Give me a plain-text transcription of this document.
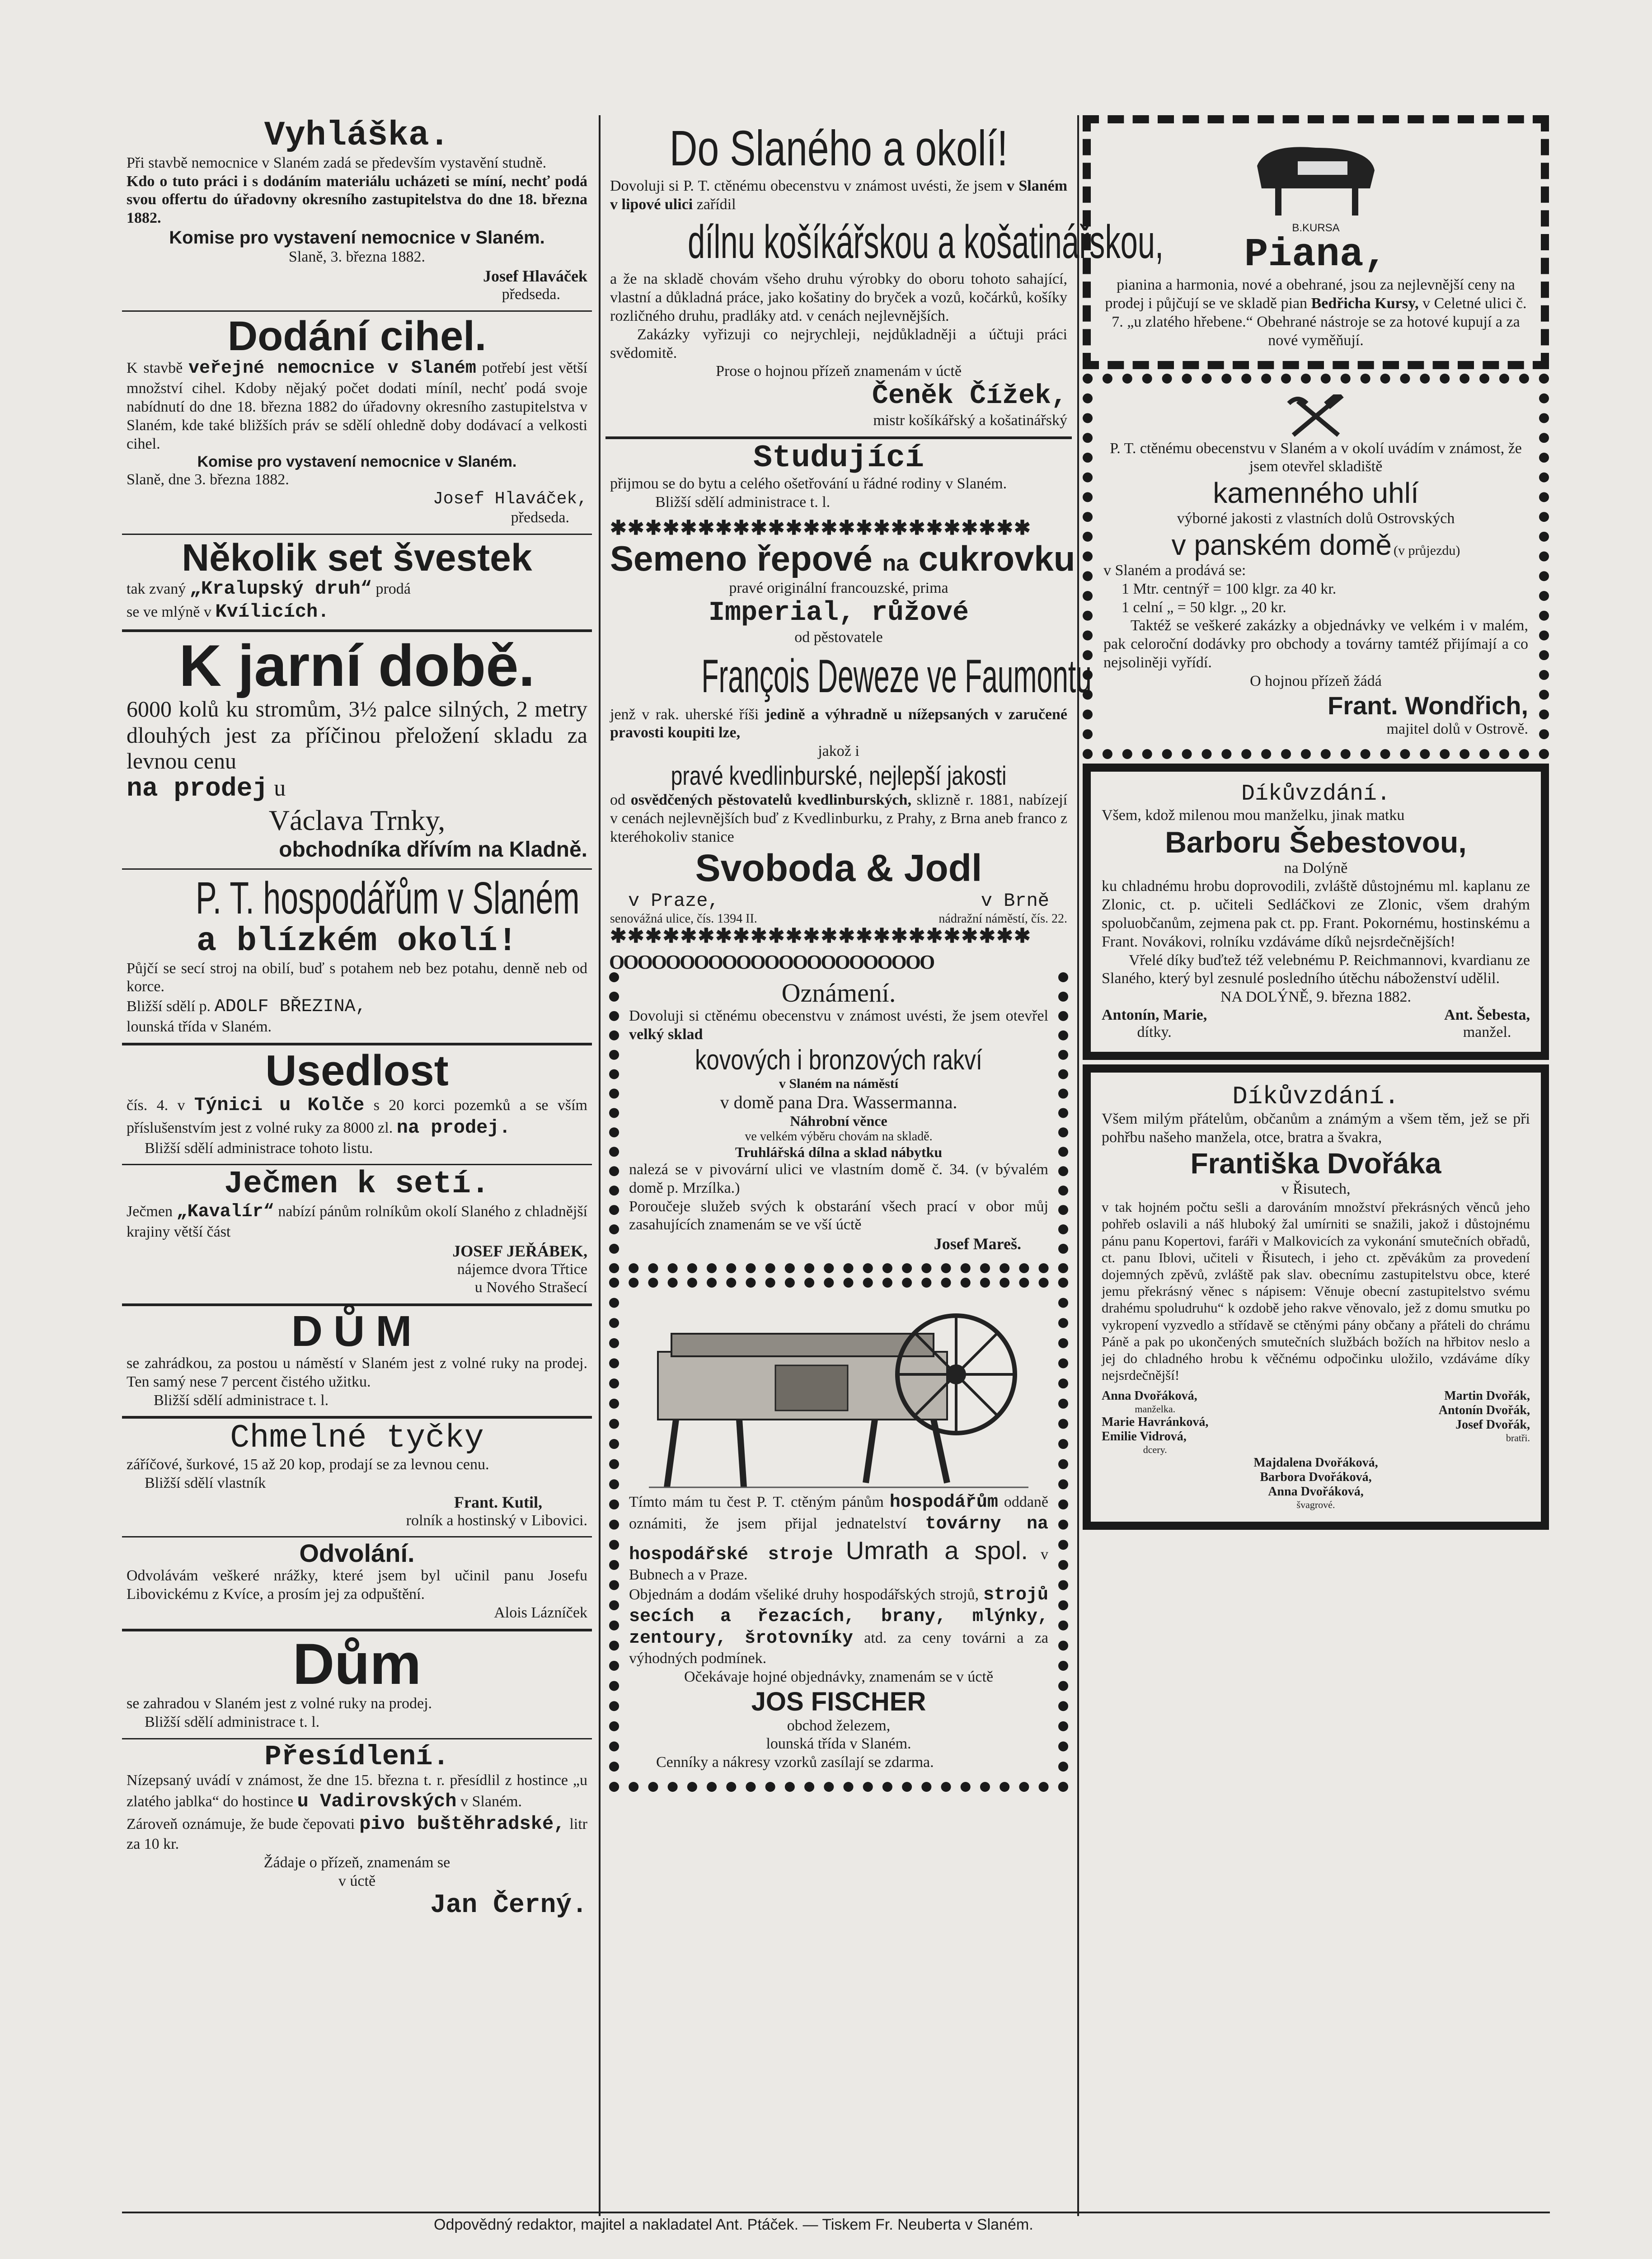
Vyhláška.

Při stavbě nemocnice v Slaném zadá se především vystavění studně.

Kdo o tuto práci i s dodáním materiálu ucházeti se míní, nechť podá svou offertu do úřadovny okresního zastupitelstva do dne 18. března 1882.

Komise pro vystavení nemocnice v Slaném.

Slaně, 3. března 1882.

Josef Hlaváček

předseda.

Dodání cihel.

K stavbě veřejné nemocnice v Slaném potřebí jest větší množství cihel. Kdoby nějaký počet dodati míníl, nechť podá svoje nabídnutí do dne 18. března 1882 do úřadovny okresního zastupitelstva v Slaném, kde také bližších práv se sdělí ohledně doby dodávací a velkosti cihel.

Komise pro vystavení nemocnice v Slaném.

Slaně, dne 3. března 1882.

Josef Hlaváček,

předseda.

Několik set švestek

tak zvaný „Kralupský druh“ prodá

se ve mlýně v Kvílicích.

K jarní době.

6000 kolů ku stromům, 3½ palce silných, 2 metry dlouhých jest za příčinou přeložení skladu za levnou cenu

na prodej u

Václava Trnky,

obchodníka dřívím na Kladně.

P. T. hospodářům v Slaném

a blízkém okolí!

Půjčí se secí stroj na obilí, buď s potahem neb bez potahu, denně neb od korce.

Bližší sdělí p. ADOLF BŘEZINA,

lounská třída v Slaném.

Usedlost

čís. 4. v Týnici u Kolče s 20 korci pozemků a se vším příslušenstvím jest z volné ruky za 8000 zl. na prodej.

Bližší sdělí administrace tohoto listu.

Ječmen k setí.

Ječmen „Kavalír“ nabízí pánům rolníkům okolí Slaného z chladnější krajiny větší část

JOSEF JEŘÁBEK,

nájemce dvora Třtice

u Nového Strašecí

DŮM

se zahrádkou, za postou u náměstí v Slaném jest z volné ruky na prodej. Ten samý nese 7 percent čistého užitku.

Bližší sdělí administrace t. l.

Chmelné tyčky

záříčové, šurkové, 15 až 20 kop, prodají se za levnou cenu.

Bližší sdělí vlastník

Frant. Kutil,

rolník a hostinský v Libovici.

Odvolání.

Odvolávám veškeré nrážky, které jsem byl učinil panu Josefu Libovickému z Kvíce, a prosím jej za odpuštění.

Alois Lázníček

Dům

se zahradou v Slaném jest z volné ruky na prodej.

Bližší sdělí administrace t. l.

Přesídlení.

Nízepsaný uvádí v známost, že dne 15. března t. r. přesídlil z hostince „u zlatého jablka“ do hostince u Vadirovských v Slaném.

Zároveň oznámuje, že bude čepovati pivo buštěhradské, litr za 10 kr.

Žádaje o přízeň, znamenám se

v úctě

Jan Černý.

Do Slaného a okolí!

Dovoluji si P. T. ctěnému obecenstvu v známost uvésti, že jsem v Slaném v lipové ulici zařídil

dílnu košíkářskou a košatinářskou,

a že na skladě chovám všeho druhu výrobky do oboru tohoto sahající, vlastní a důkladná práce, jako košatiny do bryček a vozů, kočárků, košíky rozličného druhu, pradláky atd. v cenách nejlevnějších.

Zakázky vyřizuji co nejrychleji, nejdůkladněji a účtuji práci svědomitě.

Prose o hojnou přízeň znamenám v úctě

Čeněk Čížek,

mistr košíkářský a košatinářský

Studující

přijmou se do bytu a celého ošetřování u řádné rodiny v Slaném.

Bližší sdělí administrace t. l.

✱✱✱✱✱✱✱✱✱✱✱✱✱✱✱✱✱✱✱✱✱✱✱✱

Semeno řepové na cukrovku

pravé originální francouzské, prima

Imperial, růžové

od pěstovatele

François Deweze ve Faumontu

jenž v rak. uherské říši jedině a výhradně u nížepsaných v zaručené pravosti koupiti lze,

jakož i

pravé kvedlinburské, nejlepší jakosti

od osvědčených pěstovatelů kvedlinburských, sklizně r. 1881, nabízejí v cenách nejlevnějších buď z Kvedlinburku, z Prahy, z Brna aneb franco z kteréhokoliv stanice

Svoboda & Jodl

v Praze,	v Brně
senovážná ulice, čís. 1394 II.	nádražní náměstí, čís. 22.

✱✱✱✱✱✱✱✱✱✱✱✱✱✱✱✱✱✱✱✱✱✱✱✱

OOOOOOOOOOOOOOOOOOOOOOO

Oznámení.

Dovoluji si ctěnému obecenstvu v známost uvésti, že jsem otevřel velký sklad

kovových i bronzových rakví

v Slaném na náměstí

v domě pana Dra. Wassermanna.

Náhrobní věnce

ve velkém výběru chovám na skladě.

Truhlářská dílna a sklad nábytku

nalezá se v pivovární ulici ve vlastním domě č. 34. (v bývalém domě p. Mrzílka.)

Poroučeje služeb svých k obstarání všech prací v obor můj zasahujících znamenám se ve vší úctě

Josef Mareš.

Tímto mám tu čest P. T. ctěným pánům hospodářům oddaně oznámiti, že jsem přijal jednatelství továrny na hospodářské stroje Umrath a spol. v Bubnech a v Praze.

Objednám a dodám všeliké druhy hospodářských strojů, strojů secích a řezacích, brany, mlýnky, zentoury, šrotovníky atd. za ceny továrni a za výhodných podmínek.

Očekávaje hojné objednávky, znamenám se v úctě

JOS FISCHER

obchod železem,

lounská třída v Slaném.

Cenníky a nákresy vzorků zasílají se zdarma.

B.KURSA

Piana,

pianina a harmonia, nové a obehrané, jsou za nejlevnější ceny na prodej i půjčují se ve skladě pian Bedřicha Kursy, v Celetné ulici č. 7. „u zlatého hřebene.“ Obehrané nástroje se za hotové kupují a za nové vyměňují.

P. T. ctěnému obecenstvu v Slaném a v okolí uvádím v známost, že jsem otevřel skladiště

kamenného uhlí

výborné jakosti z vlastních dolů Ostrovských

v panském domě (v průjezdu)

v Slaném a prodává se:

1 Mtr. centnýř = 100 klgr. za 40 kr.

1 celní „ = 50 klgr. „ 20 kr.

Taktéž se veškeré zakázky a objednávky ve velkém i v malém, pak celoroční dodávky pro obchody a továrny tamtéž přijímají a co nejsoliněji vyřídí.

O hojnou přízeň žádá

Frant. Wondřich,

majitel dolů v Ostrově.

Díkůvzdání.

Všem, kdož milenou mou manželku, jinak matku

Barboru Šebestovou,

na Dolýně

ku chladnému hrobu doprovodili, zvláště důstojnému ml. kaplanu ze Zlonic, ct. p. učiteli Sedláčkovi ze Zlonic, všem drahým spoluobčanům, zejmena pak ct. pp. Frant. Pokornému, hostinskému a Frant. Novákovi, rolníku vzdáváme díků nejsrdečnějších!

Vřelé díky buďtež též velebnému P. Reichmannovi, kvardianu ze Slaného, který byl zesnulé posledního útěchu náboženství udělil.

NA DOLÝNĚ, 9. března 1882.

Antonín, Marie,

dítky.

Ant. Šebesta,

manžel.

Díkůvzdání.

Všem milým přátelům, občanům a známým a všem těm, jež se při pohřbu našeho manžela, otce, bratra a švakra,

Františka Dvořáka

v Řisutech,

v tak hojném počtu sešli a darováním množství překrásných věnců jeho pohřeb oslavili a náš hluboký žal umírniti se snažili, jakož i důstojnému pánu panu Kopertovi, faráři v Malkovicích za vykonání smutečních obřadů, ct. panu Iblovi, učiteli v Řisutech, i jeho ct. zpěvákům za provedení dojemných zpěvů, zvláště pak slav. obecnímu zastupitelstvu obce, které jemu překrásný věnec s nápisem: Věnuje obecní zastupitelstvo svému drahému spoludruhu“ k ozdobě jeho rakve věnovalo, jež z domu smutku po vykropení vyzvedlo a střídavě se ctěnými pány občany a přáteli do chrámu Páně a pak po ukončených smutečních službách božích na hřbitov neslo a jej do chladného hrobu k věčnému odpočinku uložilo, vzdáváme díky nejsrdečnější!

Anna Dvořáková,

manželka.

Marie Havránková,

Emilie Vidrová,

dcery.

Martin Dvořák,

Antonín Dvořák,

Josef Dvořák,

bratři.

Majdalena Dvořáková,

Barbora Dvořáková,

Anna Dvořáková,

švagrové.

Odpovědný redaktor, majitel a nakladatel Ant. Ptáček. — Tiskem Fr. Neuberta v Slaném.
